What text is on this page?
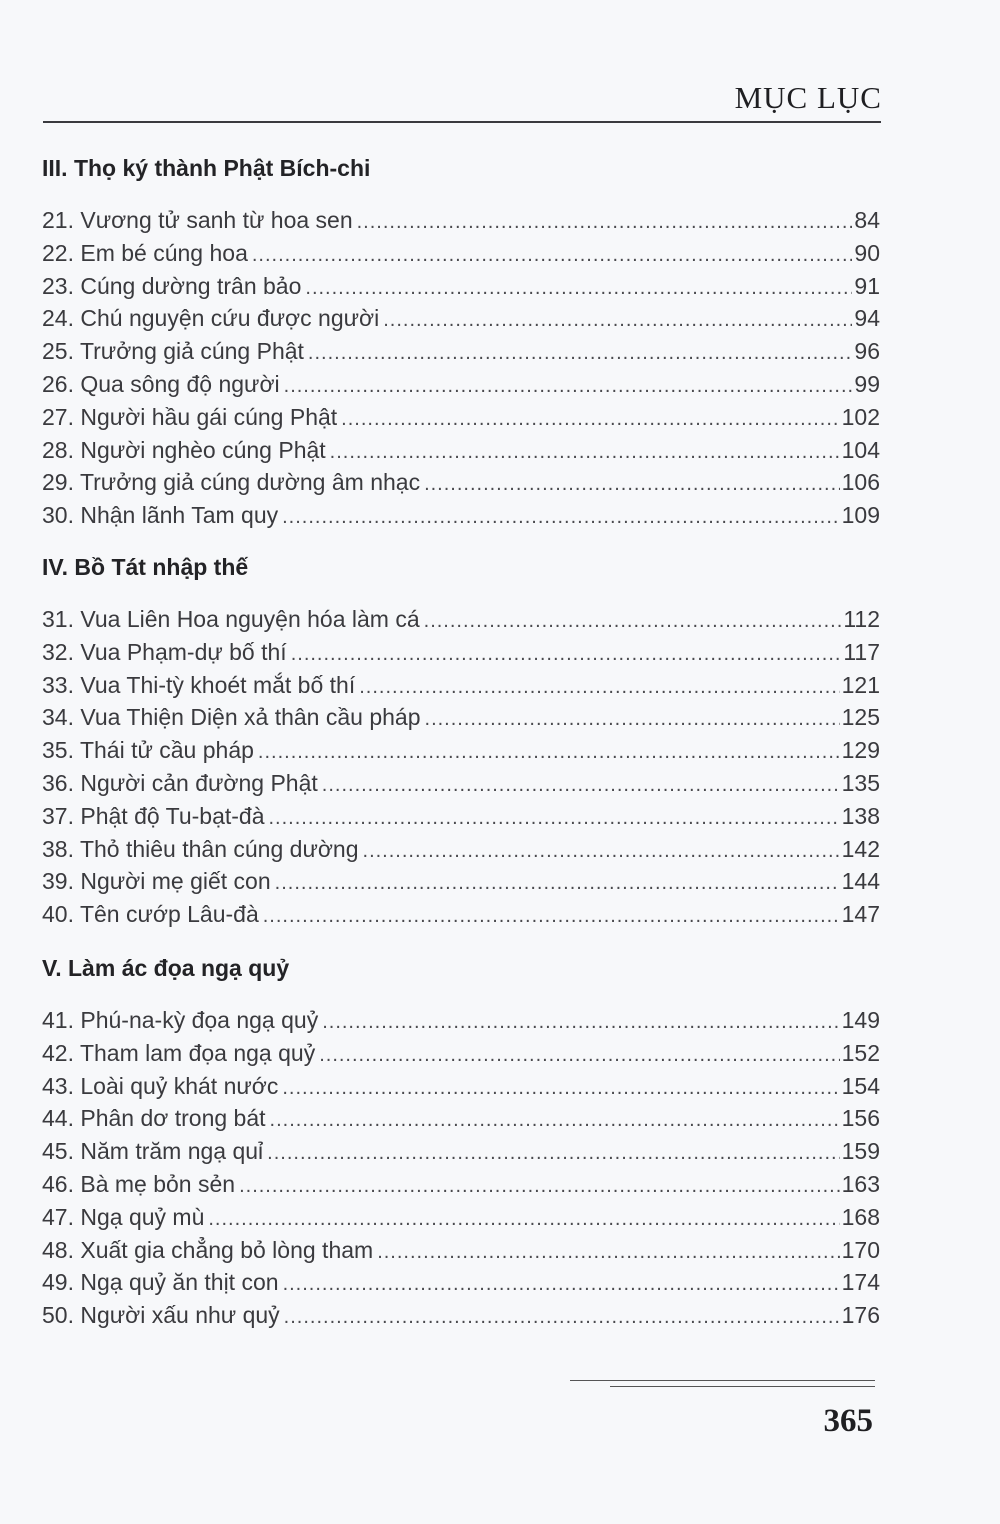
MỤC LỤC
III. Thọ ký thành Phật Bích-chi
21. Vương tử sanh từ hoa sen .....	84
22. Em bé cúng hoa .....	90
23. Cúng dường trân bảo .....	91
24. Chú nguyện cứu được người .....	94
25. Trưởng giả cúng Phật .....	96
26. Qua sông độ người .....	99
27. Người hầu gái cúng Phật .....	102
28. Người nghèo cúng Phật .....	104
29. Trưởng giả cúng dường âm nhạc .....	106
30. Nhận lãnh Tam quy .....	109
IV. Bồ Tát nhập thế
31. Vua Liên Hoa nguyện hóa làm cá .....	112
32. Vua Phạm-dự bố thí .....	117
33. Vua Thi-tỳ khoét mắt bố thí .....	121
34. Vua Thiện Diện xả thân cầu pháp .....	125
35. Thái tử cầu pháp .....	129
36. Người cản đường Phật .....	135
37. Phật độ Tu-bạt-đà .....	138
38. Thỏ thiêu thân cúng dường .....	142
39. Người mẹ giết con .....	144
40. Tên cướp Lâu-đà .....	147
V. Làm ác đọa ngạ quỷ
41. Phú-na-kỳ đọa ngạ quỷ .....	149
42. Tham lam đọa ngạ quỷ .....	152
43. Loài quỷ khát nước .....	154
44. Phân dơ trong bát .....	156
45. Năm trăm ngạ quỉ .....	159
46. Bà mẹ bỏn sẻn .....	163
47. Ngạ quỷ mù .....	168
48. Xuất gia chẳng bỏ lòng tham .....	170
49. Ngạ quỷ ăn thịt con .....	174
50. Người xấu như quỷ .....	176
365
